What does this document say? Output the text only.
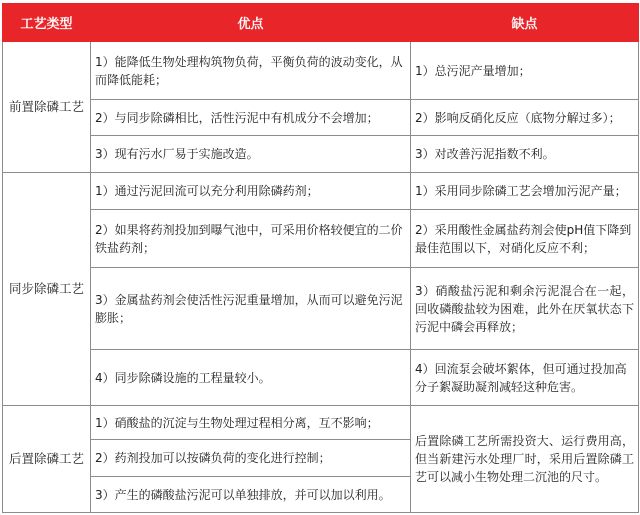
工艺类型	优点	缺点
前置除磷工艺	1）能降低生物处理构筑物负荷，平衡负荷的波动变化，从而降低能耗；	1）总污泥产量增加；
	2）与同步除磷相比，活性污泥中有机成分不会增加；	2）影响反硝化反应（底物分解过多）；
	3）现有污水厂易于实施改造。	3）对改善污泥指数不利。
同步除磷工艺	1）通过污泥回流可以充分利用除磷药剂；	1）采用同步除磷工艺会增加污泥产量；
	2）如果将药剂投加到曝气池中，可采用价格较便宜的二价铁盐药剂；	2）采用酸性金属盐药剂会使pH值下降到最佳范围以下，对硝化反应不利；
	3）金属盐药剂会使活性污泥重量增加，从而可以避免污泥膨胀；	3）硝酸盐污泥和剩余污泥混合在一起，回收磷酸盐较为困难，此外在厌氧状态下污泥中磷会再释放；
	4）同步除磷设施的工程量较小。	4）回流泵会破坏絮体，但可通过投加高分子絮凝助凝剂减轻这种危害。
后置除磷工艺	1）硝酸盐的沉淀与生物处理过程相分离，互不影响；	后置除磷工艺所需投资大、运行费用高，但当新建污水处理厂时，采用后置除磷工艺可以减小生物处理二沉池的尺寸。
	2）药剂投加可以按磷负荷的变化进行控制；	
	3）产生的磷酸盐污泥可以单独排放，并可以加以利用。	
